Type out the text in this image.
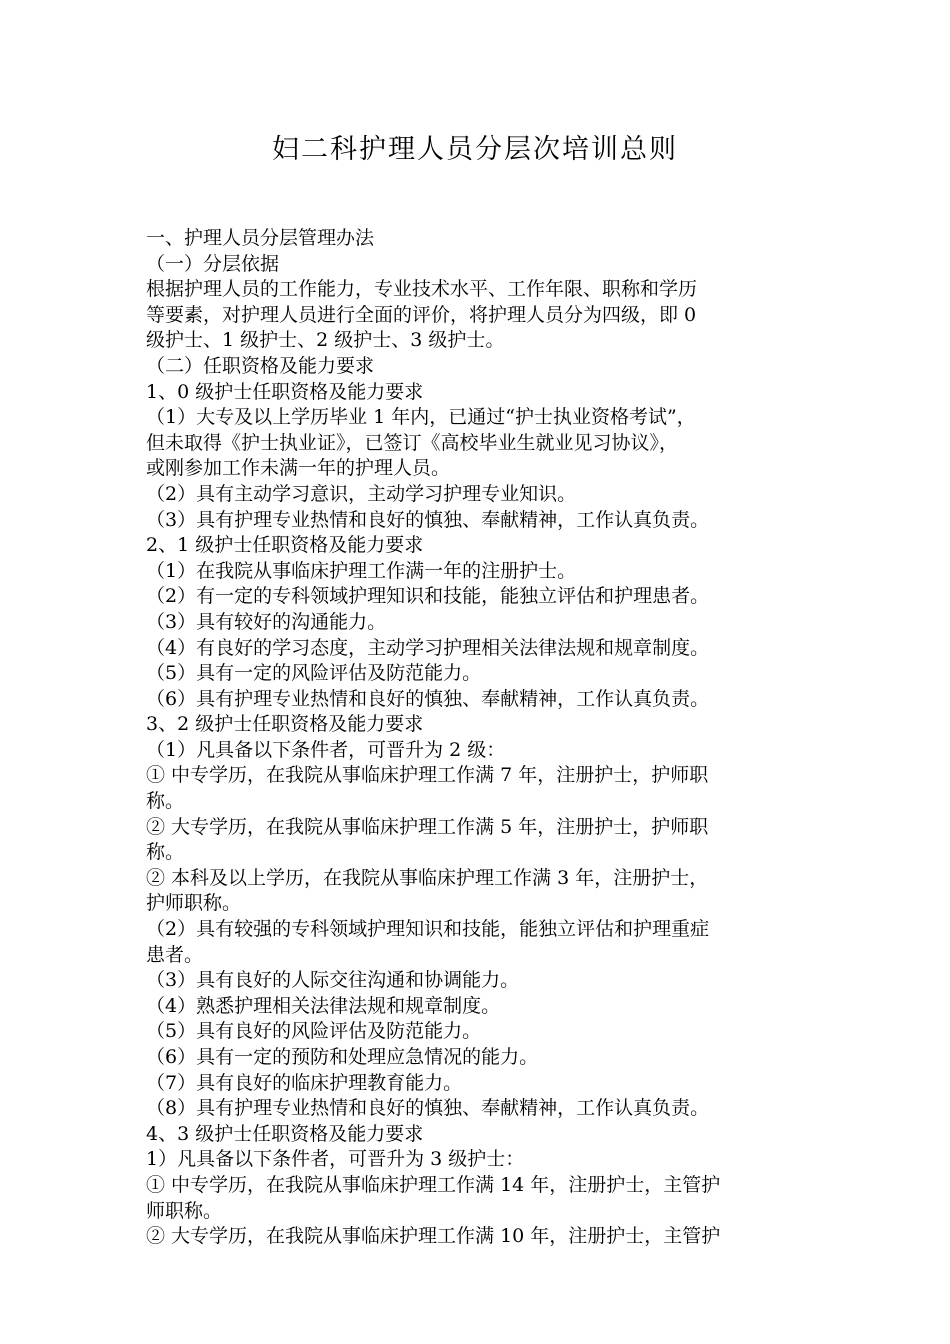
妇二科护理人员分层次培训总则
一、护理人员分层管理办法
（一）分层依据
根据护理人员的工作能力，专业技术水平、工作年限、职称和学历
等要素，对护理人员进行全面的评价，将护理人员分为四级，即 0
级护士、1 级护士、2 级护士、3 级护士。
（二）任职资格及能力要求
1、0 级护士任职资格及能力要求
（1）大专及以上学历毕业 1 年内，已通过“护士执业资格考试”，
但未取得《护士执业证》，已签订《高校毕业生就业见习协议》，
或刚参加工作未满一年的护理人员。
（2）具有主动学习意识，主动学习护理专业知识。
（3）具有护理专业热情和良好的慎独、奉献精神，工作认真负责。
2、1 级护士任职资格及能力要求
（1）在我院从事临床护理工作满一年的注册护士。
（2）有一定的专科领域护理知识和技能，能独立评估和护理患者。
（3）具有较好的沟通能力。
（4）有良好的学习态度，主动学习护理相关法律法规和规章制度。
（5）具有一定的风险评估及防范能力。
（6）具有护理专业热情和良好的慎独、奉献精神，工作认真负责。
3、2 级护士任职资格及能力要求
（1）凡具备以下条件者，可晋升为 2 级：
① 中专学历，在我院从事临床护理工作满 7 年，注册护士，护师职
称。
② 大专学历，在我院从事临床护理工作满 5 年，注册护士，护师职
称。
② 本科及以上学历，在我院从事临床护理工作满 3 年，注册护士，
护师职称。
（2）具有较强的专科领域护理知识和技能，能独立评估和护理重症
患者。
（3）具有良好的人际交往沟通和协调能力。
（4）熟悉护理相关法律法规和规章制度。
（5）具有良好的风险评估及防范能力。
（6）具有一定的预防和处理应急情况的能力。
（7）具有良好的临床护理教育能力。
（8）具有护理专业热情和良好的慎独、奉献精神，工作认真负责。
4、3 级护士任职资格及能力要求
1）凡具备以下条件者，可晋升为 3 级护士：
① 中专学历，在我院从事临床护理工作满 14 年，注册护士，主管护
师职称。
② 大专学历，在我院从事临床护理工作满 10 年，注册护士，主管护
